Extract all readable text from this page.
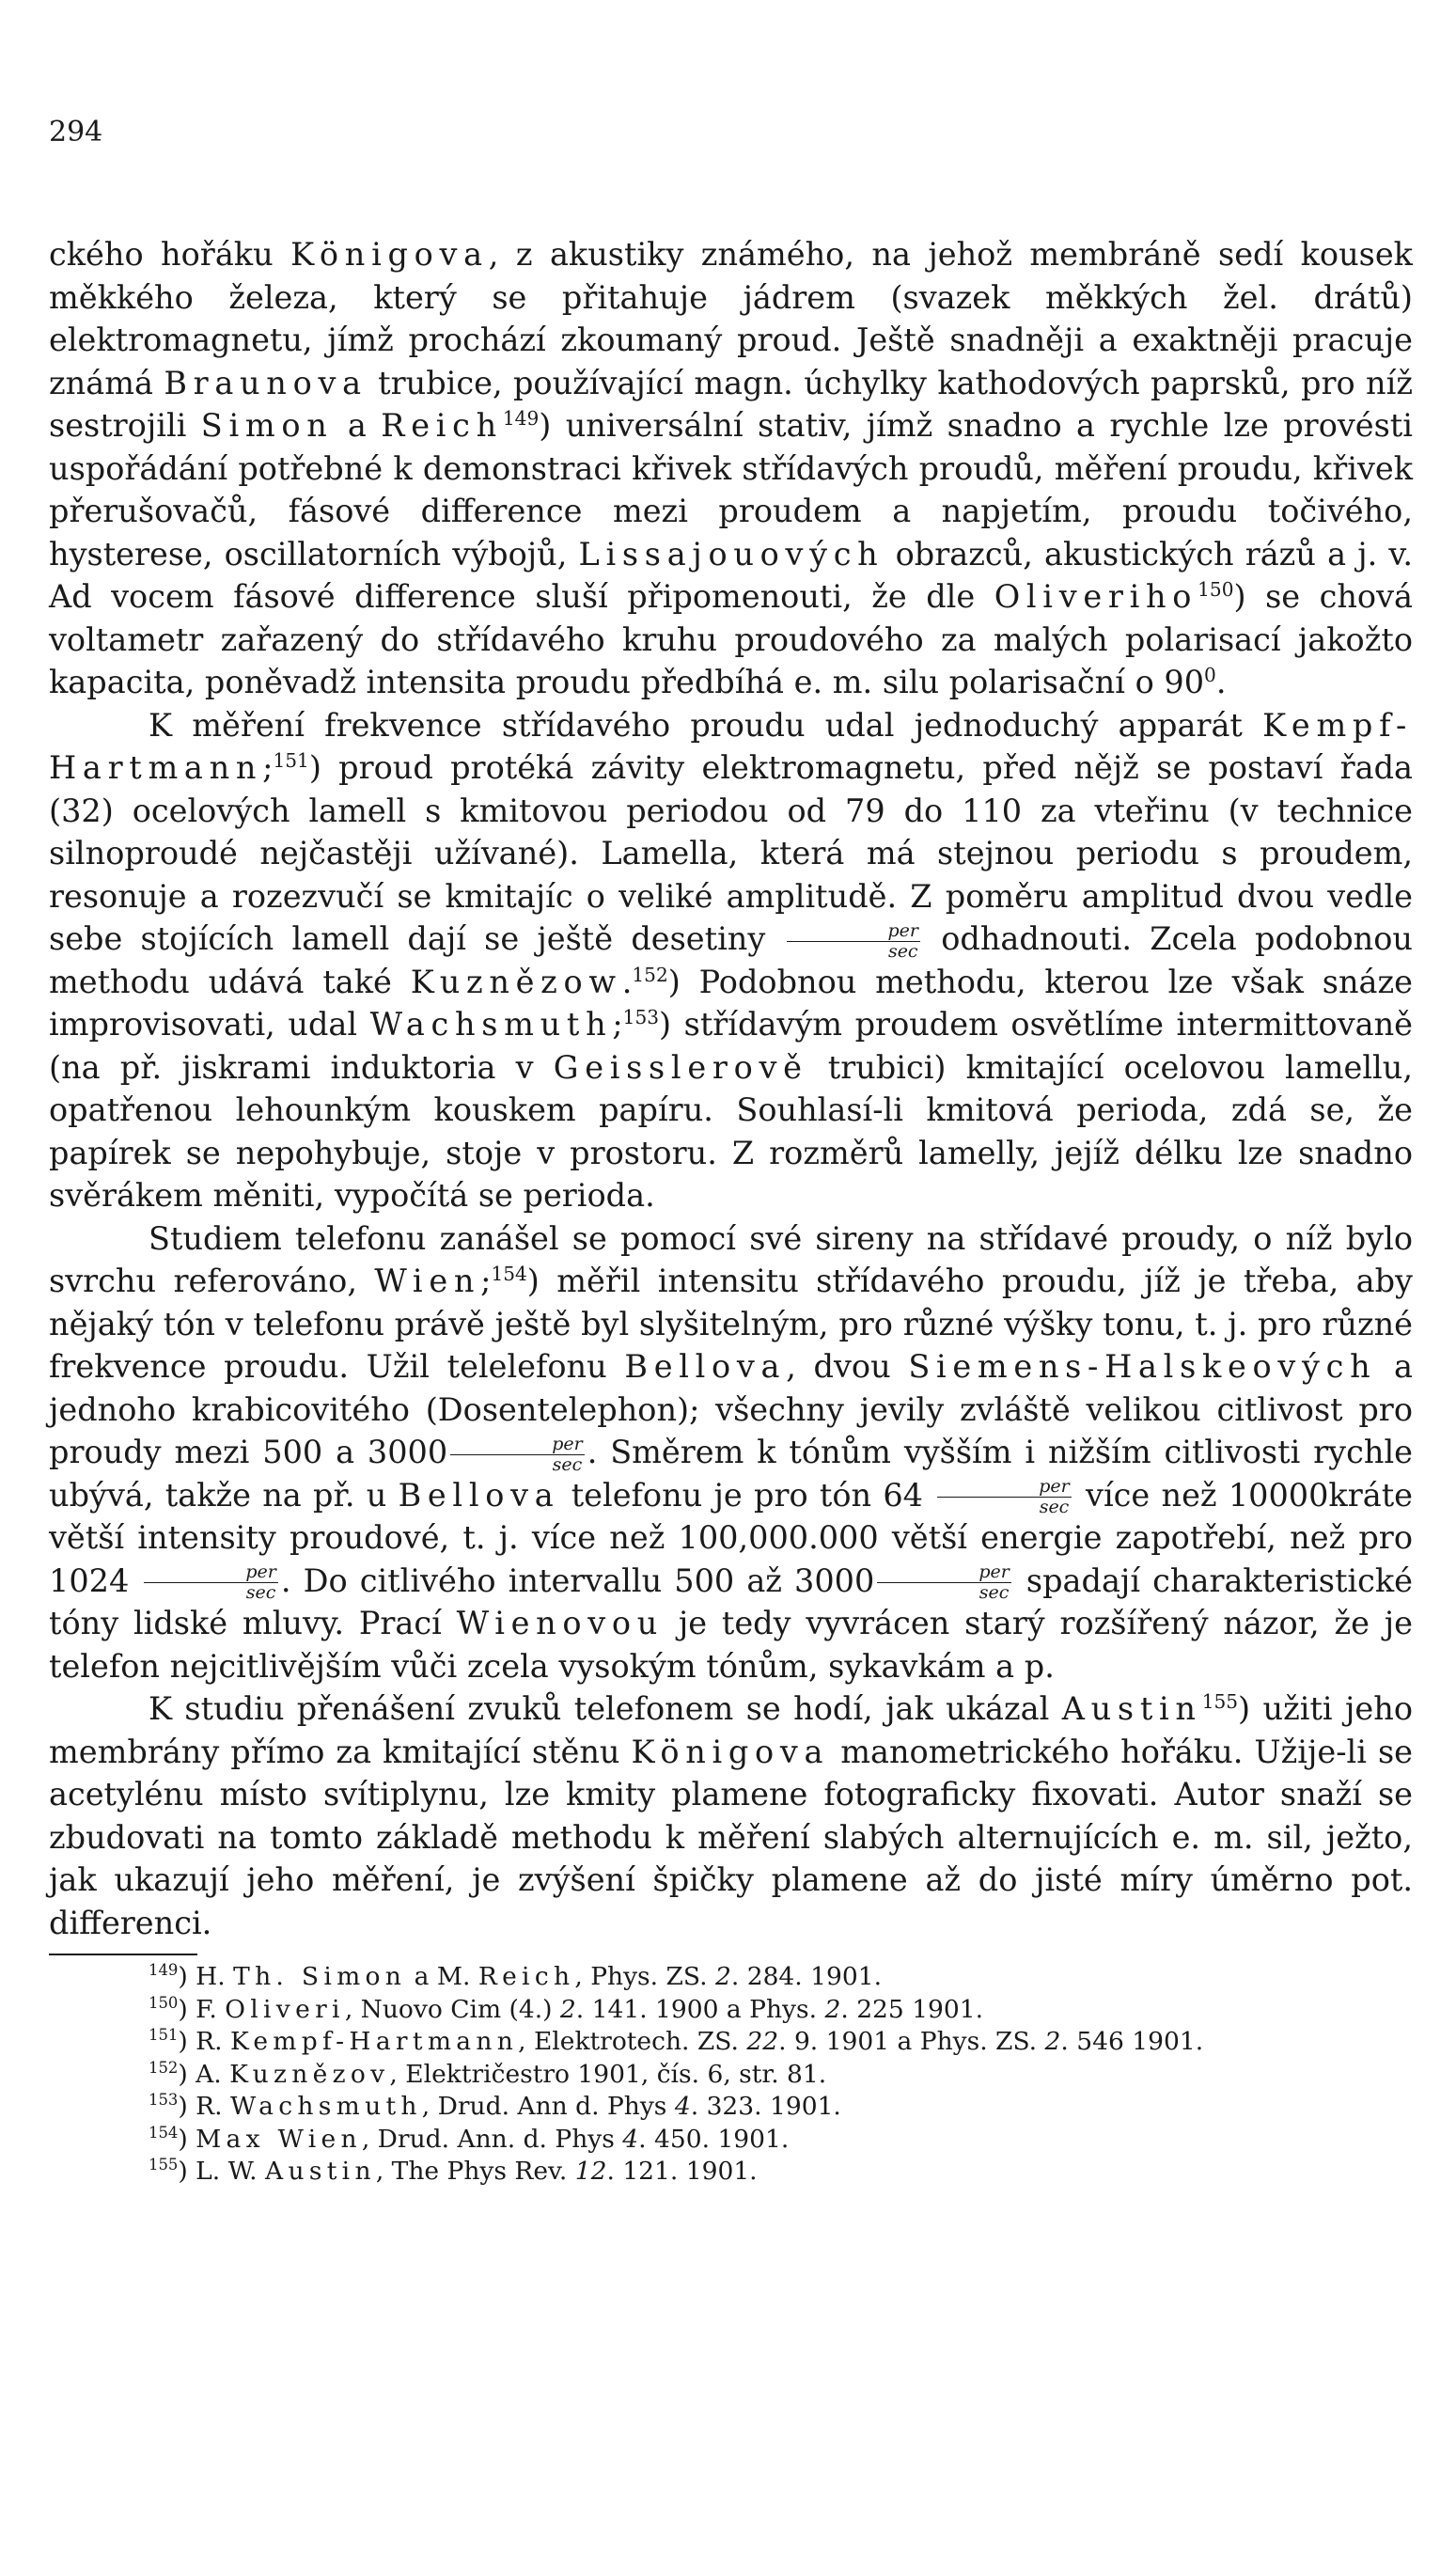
294

ckého hořáku Königova, z akustiky známého, na jehož membráně sedí kousek měkkého železa, který se přitahuje jádrem (svazek měkkých žel. drátů) elektromagnetu, jímž prochází zkoumaný proud. Ještě snadněji a exaktněji pracuje známá Braunova trubice, používající magn. úchylky kathodových paprsků, pro níž sestrojili Simon a Reich$^{149}$) universální stativ, jímž snadno a rychle lze provésti uspořádání potřebné k demonstraci křivek střídavých proudů, měření proudu, křivek přerušovačů, fásové difference mezi proudem a napjetím, proudu točivého, hysterese, oscillatorních výbojů, Lissajouových obrazců, akustických rázů a j. v. Ad vocem fásové difference sluší připomenouti, že dle Oliveriho$^{150}$) se chová voltametr zařazený do střídavého kruhu proudového za malých polarisací jakožto kapacita, poněvadž intensita proudu předbíhá e. m. silu polarisační o 90$^0$.

K měření frekvence střídavého proudu udal jednoduchý apparát Kempf-Hartmann;$^{151}$) proud protéká závity elektromagnetu, před nějž se postaví řada (32) ocelových lamell s kmitovou periodou od 79 do 110 za vteřinu (v technice silnoproudé nejčastěji užívané). Lamella, která má stejnou periodu s proudem, resonuje a rozezvučí se kmitajíc o veliké amplitudě. Z poměru amplitud dvou vedle sebe stojících lamell dají se ještě desetiny $\frac{\text{per}}{\sec}$ odhadnouti. Zcela podobnou methodu udává také Kuznězow.$^{152}$) Podobnou methodu, kterou lze však snáze improvisovati, udal Wachsmuth;$^{153}$) střídavým proudem osvětlíme intermittovaně (na př. jiskrami induktoria v Geisslerově trubici) kmitající ocelovou lamellu, opatřenou lehounkým kouskem papíru. Souhlasí-li kmitová perioda, zdá se, že papírek se nepohybuje, stoje v prostoru. Z rozměrů lamelly, jejíž délku lze snadno svěrákem měniti, vypočítá se perioda.

Studiem telefonu zanášel se pomocí své sireny na střídavé proudy, o níž bylo svrchu referováno, Wien;$^{154}$) měřil intensitu střídavého proudu, jíž je třeba, aby nějaký tón v telefonu právě ještě byl slyšitelným, pro různé výšky tonu, t. j. pro různé frekvence proudu. Užil telelefonu Bellova, dvou Siemens-Halskeových a jednoho krabicovitého (Dosentelephon); všechny jevily zvláště velikou citlivost pro proudy mezi 500 a $3000 \frac{\text{per}}{\sec}$ . Směrem k tónům vyšším i nižším citlivosti rychle ubývá, takže na př. u Bellova telefonu je pro tón $64 \frac{\text{per}}{\sec}$ více než 10000kráte větší intensity proudové, t. j. více než 100,000.000 větší energie zapotřebí, než pro $1024 \frac{\text{per}}{\sec}$ . Do citlivého intervallu 500 až $3000 \frac{\text{per}}{\sec}$ spadají charakteristické tóny lidské mluvy. Prací Wienovou je tedy vyvrácen starý rozšířený názor, že je telefon nejcitlivějším vůči zcela vysokým tónům, sykavkám a p.

K studiu přenášení zvuků telefonem se hodí, jak ukázal Austin$^{155}$) užiti jeho membrány přímo za kmitající stěnu Königova manometrického hořáku. Užije-li se acetylénu místo svítiplynu, lze kmity plamene fotograficky fixovati. Autor snaží se zbudovati na tomto základě methodu k měření slabých alternujících e. m. sil, ježto, jak ukazují jeho měření, je zvýšení špičky plamene až do jisté míry úměrno pot. differenci.

$^{149}$) H. Th. Simon a M. Reich, Phys. ZS. 2. 284. 1901.

$^{150}$) F. Oliveri, Nuovo Cim (4.) 2. 141. 1900 a Phys. 2. 225 1901.

$^{151}$) R. Kempf-Hartmann, Elektrotech. ZS. 22. 9. 1901 a Phys. ZS. 2. 546 1901.

$^{152}$) A. Kuznězov, Električestro 1901, čís. 6, str. 81.

$^{153}$) R. Wachsmuth, Drud. Ann d. Phys 4. 323. 1901.

$^{154}$) Max Wien, Drud. Ann. d. Phys 4. 450. 1901.

$^{155}$) L. W. Austin, The Phys Rev. 12. 121. 1901.
